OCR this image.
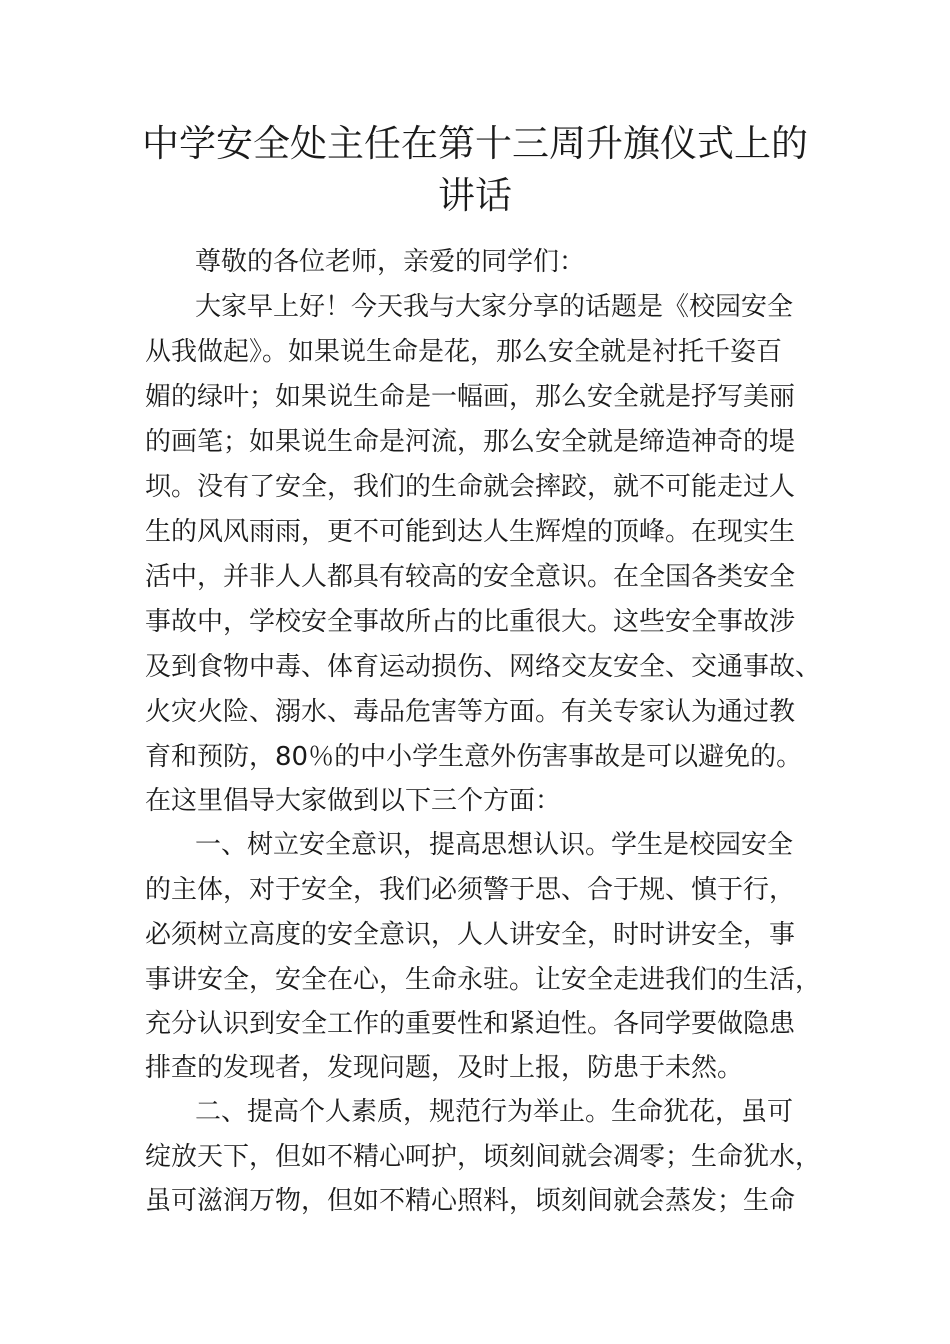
中学安全处主任在第十三周升旗仪式上的
讲话

尊敬的各位老师，亲爱的同学们：

大家早上好！今天我与大家分享的话题是《校园安全

从我做起》。如果说生命是花，那么安全就是衬托千姿百

媚的绿叶；如果说生命是一幅画，那么安全就是抒写美丽

的画笔；如果说生命是河流，那么安全就是缔造神奇的堤

坝。没有了安全，我们的生命就会摔跤，就不可能走过人

生的风风雨雨，更不可能到达人生辉煌的顶峰。在现实生

活中，并非人人都具有较高的安全意识。在全国各类安全

事故中，学校安全事故所占的比重很大。这些安全事故涉

及到食物中毒、体育运动损伤、网络交友安全、交通事故、

火灾火险、溺水、毒品危害等方面。有关专家认为通过教

育和预防，80％的中小学生意外伤害事故是可以避免的。

在这里倡导大家做到以下三个方面：

一、树立安全意识，提高思想认识。学生是校园安全

的主体，对于安全，我们必须警于思、合于规、慎于行，

必须树立高度的安全意识，人人讲安全，时时讲安全，事

事讲安全，安全在心，生命永驻。让安全走进我们的生活，

充分认识到安全工作的重要性和紧迫性。各同学要做隐患

排查的发现者，发现问题，及时上报，防患于未然。

二、提高个人素质，规范行为举止。生命犹花，虽可

绽放天下，但如不精心呵护，顷刻间就会凋零；生命犹水，

虽可滋润万物，但如不精心照料，顷刻间就会蒸发；生命
